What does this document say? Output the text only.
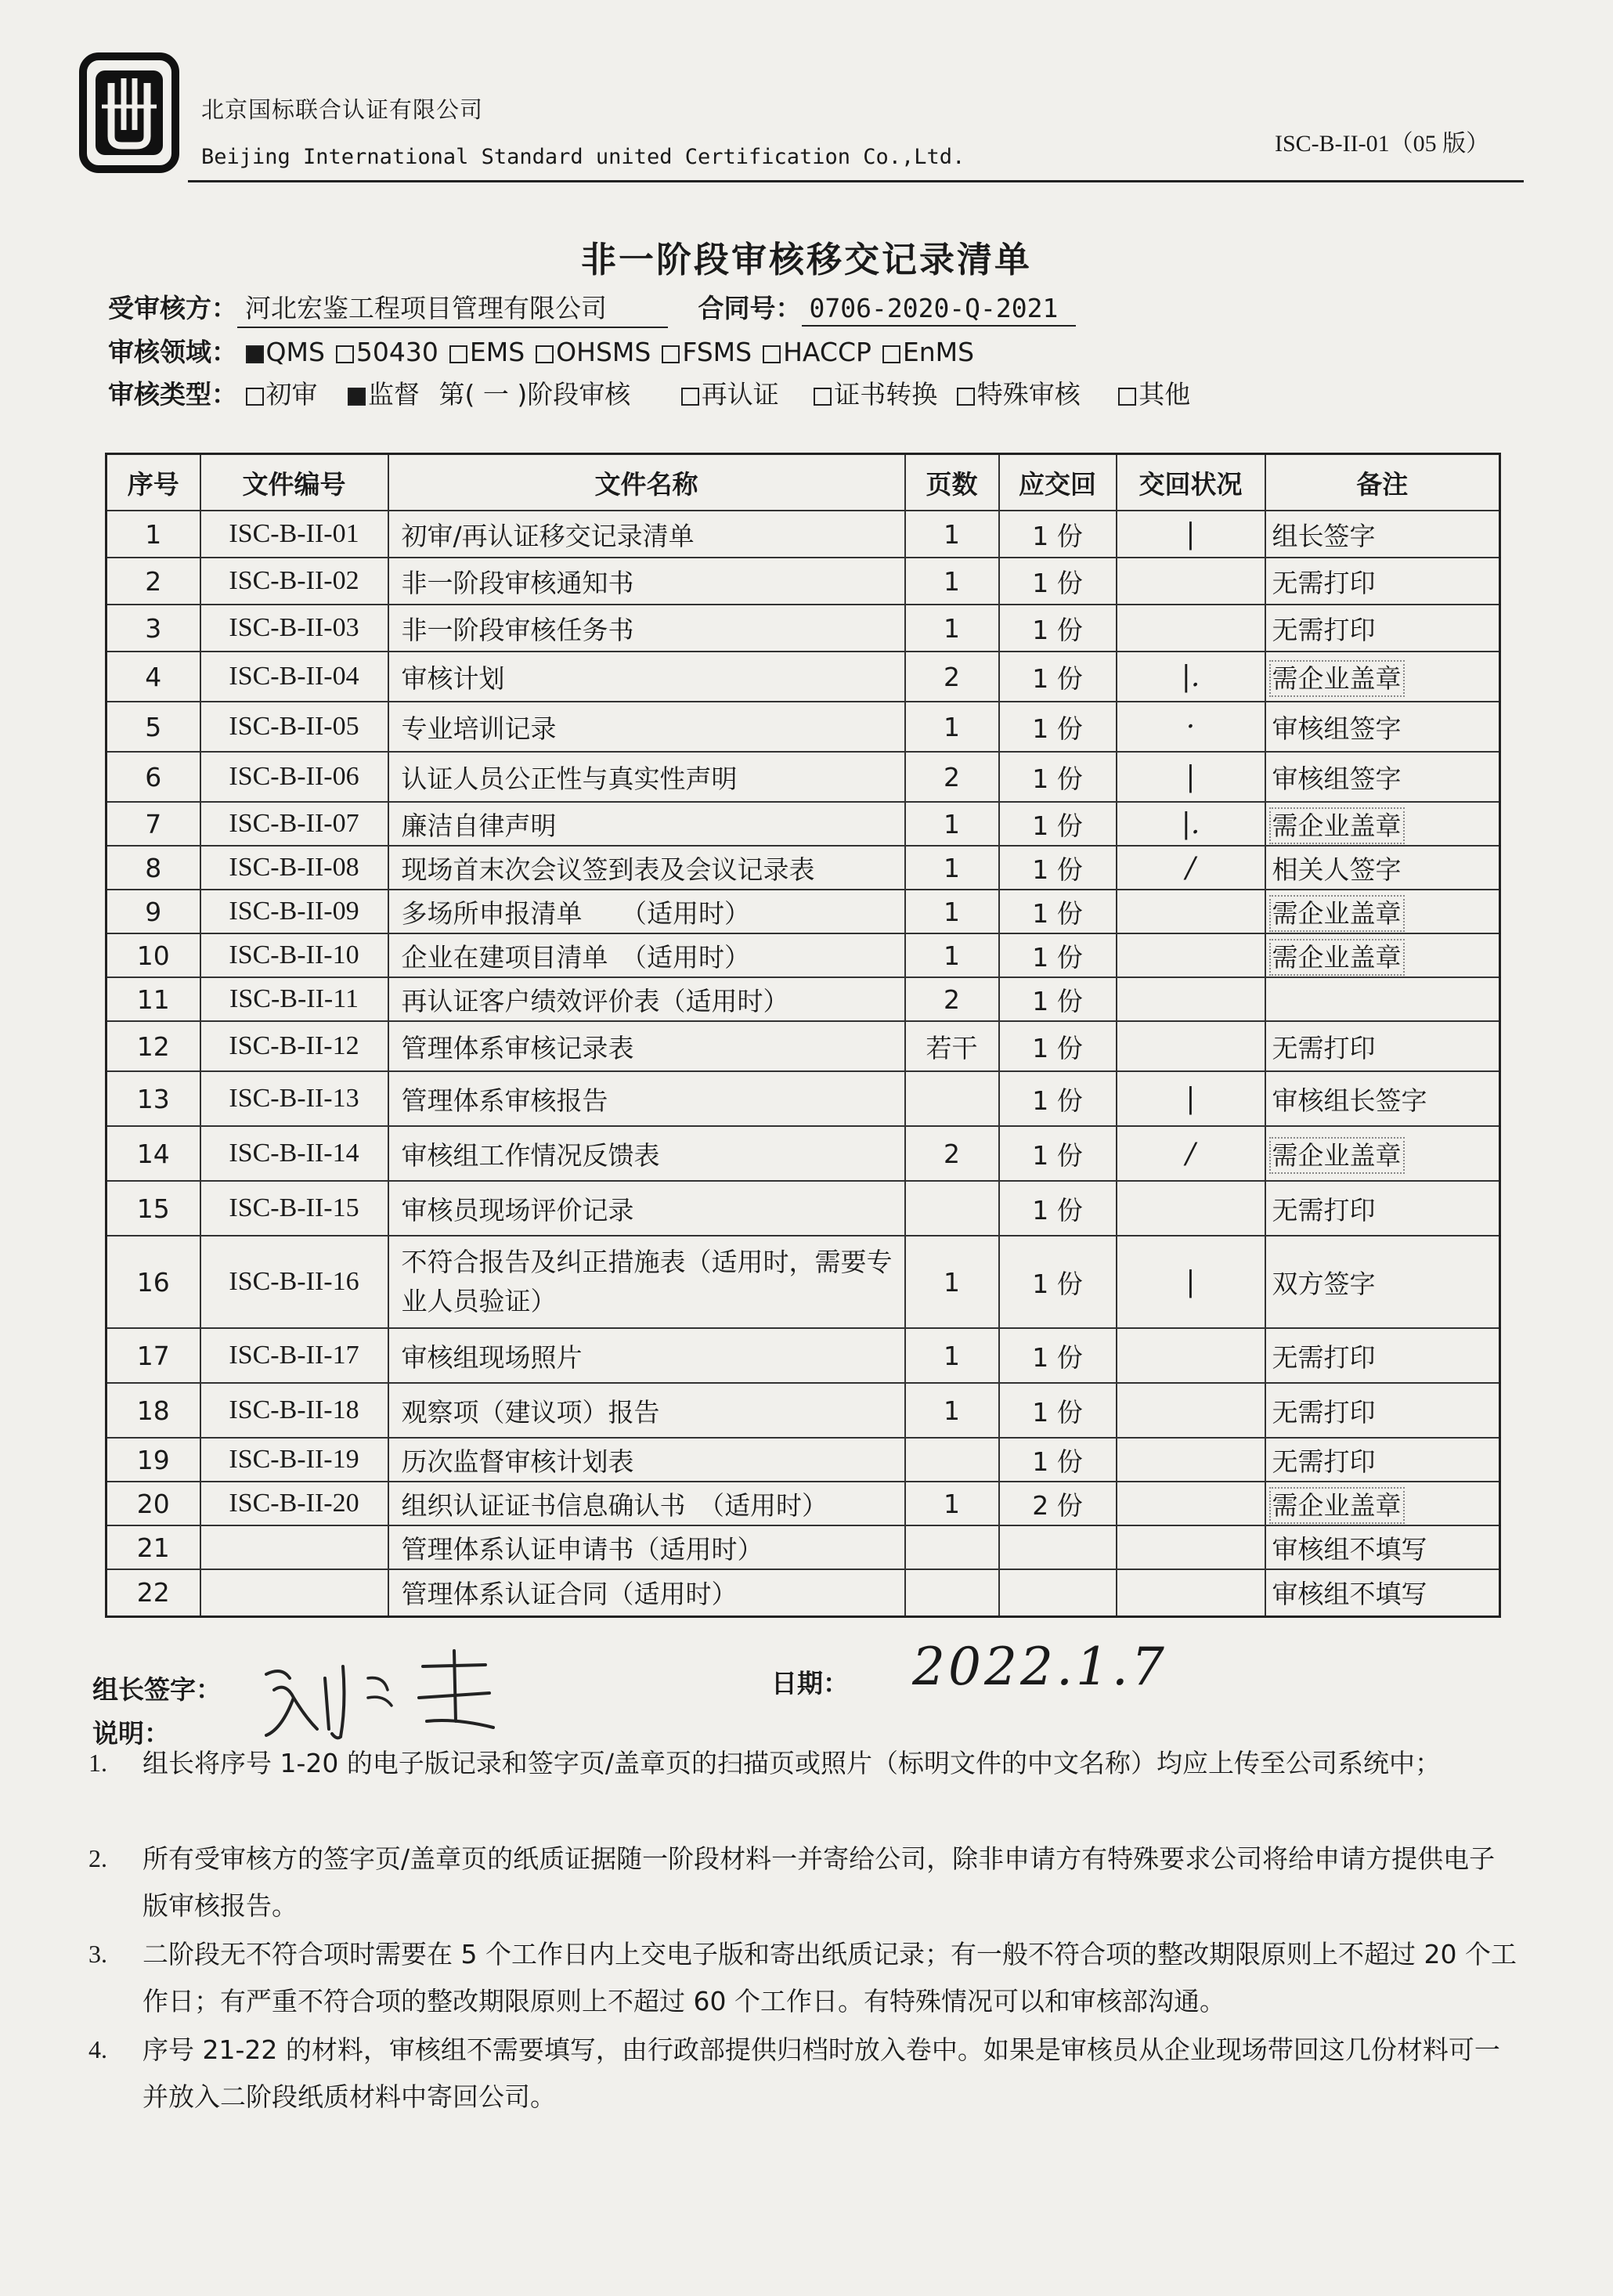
北京国标联合认证有限公司
Beijing International Standard united Certification Co.,Ltd.
ISC-B-II-01（05 版）
非一阶段审核移交记录清单
受审核方： 河北宏鉴工程项目管理有限公司	合同号： 0706-2020-Q-2021
审核领域： QMS 50430 EMS OHSMS FSMS HACCP EnMS
审核类型： 初审 监督 第( 一 )阶段审核	再认证 证书转换 特殊审核 其他
序号	文件编号	文件名称	页数	应交回	交回状况	备注
1	ISC-B-II-01	初审/再认证移交记录清单	1	1 份	|	组长签字
2	ISC-B-II-02	非一阶段审核通知书	1	1 份		无需打印
3	ISC-B-II-03	非一阶段审核任务书	1	1 份		无需打印
4	ISC-B-II-04	审核计划	2	1 份	|.	需企业盖章
5	ISC-B-II-05	专业培训记录	1	1 份	·	审核组签字
6	ISC-B-II-06	认证人员公正性与真实性声明	2	1 份	|	审核组签字
7	ISC-B-II-07	廉洁自律声明	1	1 份	|.	需企业盖章
8	ISC-B-II-08	现场首末次会议签到表及会议记录表	1	1 份	/	相关人签字
9	ISC-B-II-09	多场所申报清单　　（适用时）	1	1 份		需企业盖章
10	ISC-B-II-10	企业在建项目清单　（适用时）	1	1 份		需企业盖章
11	ISC-B-II-11	再认证客户绩效评价表（适用时）	2	1 份		
12	ISC-B-II-12	管理体系审核记录表	若干	1 份		无需打印
13	ISC-B-II-13	管理体系审核报告		1 份	|	审核组长签字
14	ISC-B-II-14	审核组工作情况反馈表	2	1 份	/	需企业盖章
15	ISC-B-II-15	审核员现场评价记录		1 份		无需打印
16	ISC-B-II-16	不符合报告及纠正措施表（适用时，需要专业人员验证）	1	1 份	|	双方签字
17	ISC-B-II-17	审核组现场照片	1	1 份		无需打印
18	ISC-B-II-18	观察项（建议项）报告	1	1 份		无需打印
19	ISC-B-II-19	历次监督审核计划表		1 份		无需打印
20	ISC-B-II-20	组织认证证书信息确认书　（适用时）	1	2 份		需企业盖章
21		管理体系认证申请书（适用时）				审核组不填写
22		管理体系认证合同（适用时）				审核组不填写
组长签字：	日期： 2022.1.7
说明：
1. 组长将序号 1-20 的电子版记录和签字页/盖章页的扫描页或照片（标明文件的中文名称）均应上传至公司系统中；
2. 所有受审核方的签字页/盖章页的纸质证据随一阶段材料一并寄给公司，除非申请方有特殊要求公司将给申请方提供电子版审核报告。
3. 二阶段无不符合项时需要在 5 个工作日内上交电子版和寄出纸质记录；有一般不符合项的整改期限原则上不超过 20 个工作日；有严重不符合项的整改期限原则上不超过 60 个工作日。有特殊情况可以和审核部沟通。
4. 序号 21-22 的材料，审核组不需要填写，由行政部提供归档时放入卷中。如果是审核员从企业现场带回这几份材料可一并放入二阶段纸质材料中寄回公司。
